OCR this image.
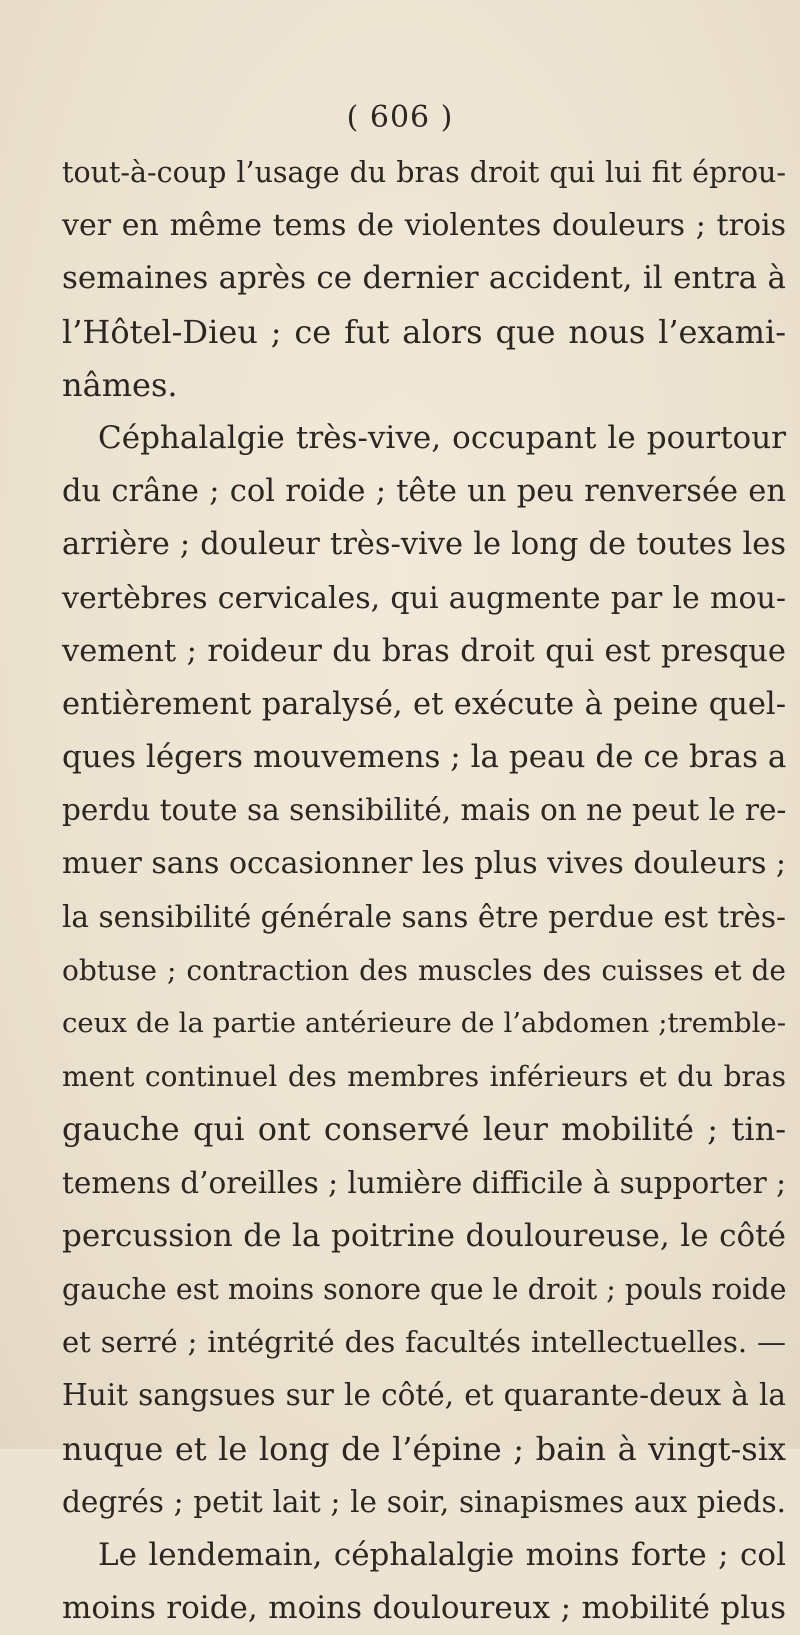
( 606 )
tout-à-coup l’usage du bras droit qui lui fit éprou-
ver en même tems de violentes douleurs ; trois
semaines après ce dernier accident, il entra à
l’Hôtel-Dieu ; ce fut alors que nous l’exami-
nâmes.
Céphalalgie très-vive, occupant le pourtour
du crâne ; col roide ; tête un peu renversée en
arrière ; douleur très-vive le long de toutes les
vertèbres cervicales, qui augmente par le mou-
vement ; roideur du bras droit qui est presque
entièrement paralysé, et exécute à peine quel-
ques légers mouvemens ; la peau de ce bras a
perdu toute sa sensibilité, mais on ne peut le re-
muer sans occasionner les plus vives douleurs ;
la sensibilité générale sans être perdue est très-
obtuse ; contraction des muscles des cuisses et de
ceux de la partie antérieure de l’abdomen ;tremble-
ment continuel des membres inférieurs et du bras
gauche qui ont conservé leur mobilité ; tin-
temens d’oreilles ; lumière difficile à supporter ;
percussion de la poitrine douloureuse, le côté
gauche est moins sonore que le droit ; pouls roide
et serré ; intégrité des facultés intellectuelles. —
Huit sangsues sur le côté, et quarante-deux à la
nuque et le long de l’épine ; bain à vingt-six
degrés ; petit lait ; le soir, sinapismes aux pieds.
Le lendemain, céphalalgie moins forte ; col
moins roide, moins douloureux ; mobilité plus
